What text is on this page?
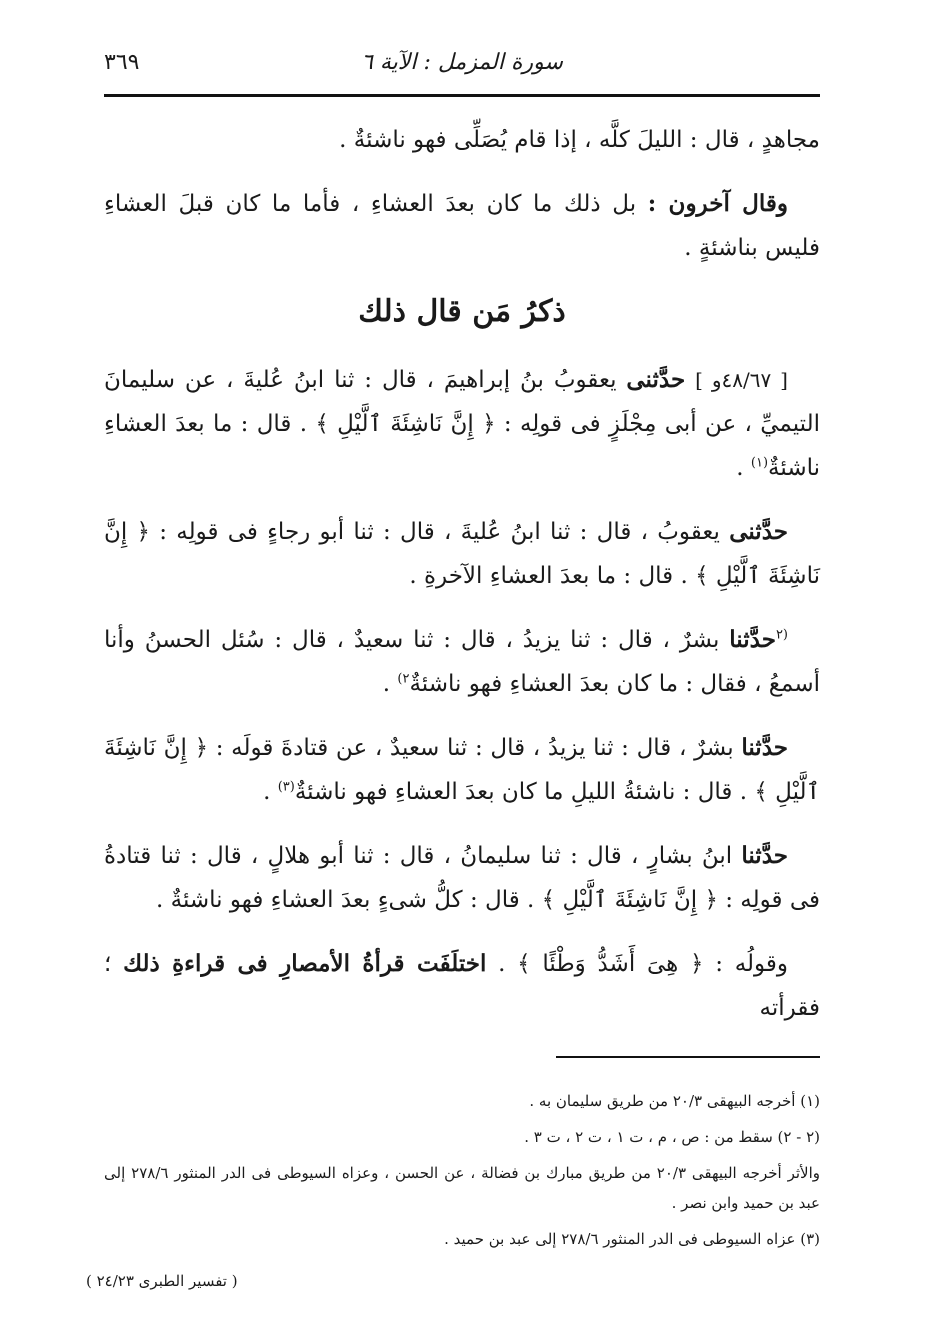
سورة المزمل : الآية ٦
٣٦٩

مجاهدٍ ، قال : الليلَ كلَّه ، إذا قام يُصَلِّى فهو ناشئةٌ .

وقال آخرون : بل ذلك ما كان بعدَ العشاءِ ، فأما ما كان قبلَ العشاءِ فليس بناشئةٍ .

ذكرُ مَن قال ذلك

[ ٤٨/٦٧و ] حدَّثنى يعقوبُ بنُ إبراهيمَ ، قال : ثنا ابنُ عُليةَ ، عن سليمانَ التيميِّ ، عن أبى مِجْلَزٍ فى قولِه : ﴿ إِنَّ نَاشِئَةَ ٱلَّيْلِ ﴾ . قال : ما بعدَ العشاءِ ناشئةٌ$^{(١)}$ .

حدَّثنى يعقوبُ ، قال : ثنا ابنُ عُليةَ ، قال : ثنا أبو رجاءٍ فى قولِه : ﴿ إِنَّ نَاشِئَةَ ٱلَّيْلِ ﴾ . قال : ما بعدَ العشاءِ الآخرةِ .

$^{(٢}$حدَّثنا بشرٌ ، قال : ثنا يزيدُ ، قال : ثنا سعيدٌ ، قال : سُئل الحسنُ وأنا أسمعُ ، فقال : ما كان بعدَ العشاءِ فهو ناشئةٌ$^{٢)}$ .

حدَّثنا بشرٌ ، قال : ثنا يزيدُ ، قال : ثنا سعيدٌ ، عن قتادةَ قولَه : ﴿ إِنَّ نَاشِئَةَ ٱلَّيْلِ ﴾ . قال : ناشئةُ الليلِ ما كان بعدَ العشاءِ فهو ناشئةٌ$^{(٣)}$ .

حدَّثنا ابنُ بشارٍ ، قال : ثنا سليمانُ ، قال : ثنا أبو هلالٍ ، قال : ثنا قتادةُ فى قولِه : ﴿ إِنَّ نَاشِئَةَ ٱلَّيْلِ ﴾ . قال : كلُّ شىءٍ بعدَ العشاءِ فهو ناشئةٌ .

وقولُه : ﴿ هِىَ أَشَدُّ وَطْئًا ﴾ . اختلَفَت قرأةُ الأمصارِ فى قراءةِ ذلك ؛ فقرأته

(١) أخرجه البيهقى ٢٠/٣ من طريق سليمان به .

(٢ - ٢) سقط من : ص ، م ، ت ١ ، ت ٢ ، ت ٣ .

والأثر أخرجه البيهقى ٢٠/٣ من طريق مبارك بن فضالة ، عن الحسن ، وعزاه السيوطى فى الدر المنثور ٢٧٨/٦ إلى عبد بن حميد وابن نصر .

(٣) عزاه السيوطى فى الدر المنثور ٢٧٨/٦ إلى عبد بن حميد .

( تفسير الطبرى ٢٤/٢٣ )
